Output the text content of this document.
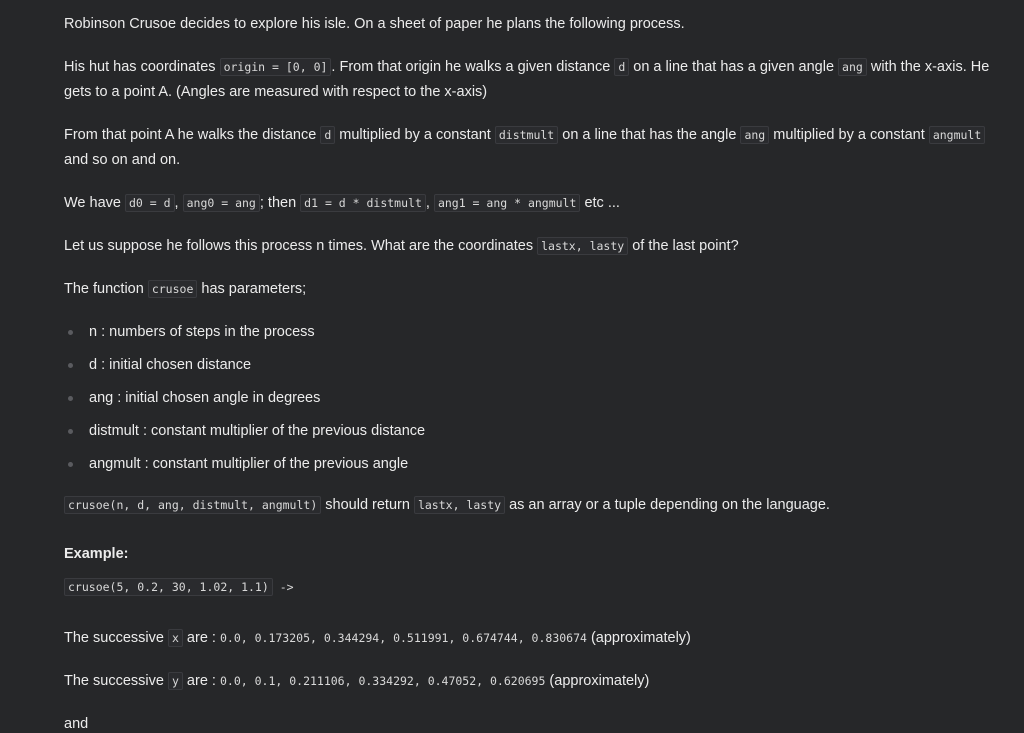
Robinson Crusoe decides to explore his isle. On a sheet of paper he plans the following process.

His hut has coordinates origin = [0, 0] . From that origin he walks a given distance d on a line that has a given angle ang with the x-axis. He gets to a point A. (Angles are measured with respect to the x-axis)

From that point A he walks the distance d multiplied by a constant distmult on a line that has the angle ang multiplied by a constant angmult and so on and on.

We have d0 = d , ang0 = ang ; then d1 = d * distmult , ang1 = ang * angmult etc ...

Let us suppose he follows this process n times. What are the coordinates lastx, lasty of the last point?

The function crusoe has parameters;

n : numbers of steps in the process
d : initial chosen distance
ang : initial chosen angle in degrees
distmult : constant multiplier of the previous distance
angmult : constant multiplier of the previous angle

crusoe(n, d, ang, distmult, angmult) should return lastx, lasty as an array or a tuple depending on the language.

Example:
crusoe(5, 0.2, 30, 1.02, 1.1) ->

The successive x are : 0.0, 0.173205, 0.344294, 0.511991, 0.674744, 0.830674 (approximately)

The successive y are : 0.0, 0.1, 0.211106, 0.334292, 0.47052, 0.620695 (approximately)

and
